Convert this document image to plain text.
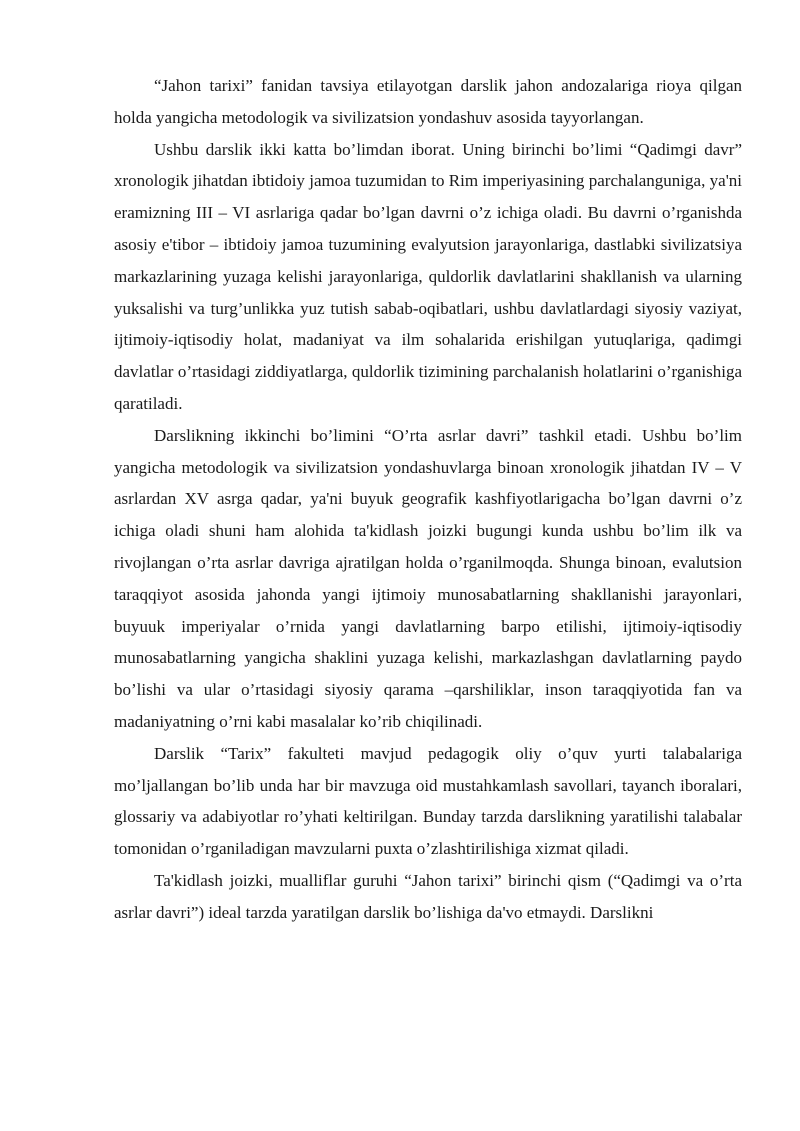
“Jahon tarixi” fanidan tavsiya etilayotgan darslik jahon andozalariga rioya qilgan holda yangicha metodologik va sivilizatsion yondashuv asosida tayyorlangan.

Ushbu darslik ikki katta bo’limdan iborat. Uning birinchi bo’limi “Qadimgi davr” xronologik jihatdan ibtidoiy jamoa tuzumidan to Rim imperiyasining parchalanguniga, ya'ni eramizning III – VI asrlariga qadar bo’lgan davrni o’z ichiga oladi. Bu davrni o’rganishda asosiy e'tibor – ibtidoiy jamoa tuzumining evalyutsion jarayonlariga, dastlabki sivilizatsiya markazlarining yuzaga kelishi jarayonlariga, quldorlik davlatlarini shakllanish va ularning yuksalishi va turg’unlikka yuz tutish sabab-oqibatlari, ushbu davlatlardagi siyosiy vaziyat, ijtimoiy-iqtisodiy holat, madaniyat va ilm sohalarida erishilgan yutuqlariga, qadimgi davlatlar o’rtasidagi ziddiyatlarga, quldorlik tizimining parchalanish holatlarini o’rganishiga qaratiladi.

Darslikning ikkinchi bo’limini “O’rta asrlar davri” tashkil etadi. Ushbu bo’lim yangicha metodologik va sivilizatsion yondashuvlarga binoan xronologik jihatdan IV – V asrlardan XV asrga qadar, ya'ni buyuk geografik kashfiyotlarigacha bo’lgan davrni o’z ichiga oladi shuni ham alohida ta'kidlash joizki bugungi kunda ushbu bo’lim ilk va rivojlangan o’rta asrlar davriga ajratilgan holda o’rganilmoqda. Shunga binoan, evalutsion taraqqiyot asosida jahonda yangi ijtimoiy munosabatlarning shakllanishi jarayonlari, buyuuk imperiyalar o’rnida yangi davlatlarning barpo etilishi, ijtimoiy-iqtisodiy munosabatlarning yangicha shaklini yuzaga kelishi, markazlashgan davlatlarning paydo bo’lishi va ular o’rtasidagi siyosiy qarama –qarshiliklar, inson taraqqiyotida fan va madaniyatning o’rni kabi masalalar ko’rib chiqilinadi.

Darslik “Tarix” fakulteti mavjud pedagogik oliy o’quv yurti talabalariga mo’ljallangan bo’lib unda har bir mavzuga oid mustahkamlash savollari, tayanch iboralari, glossariy va adabiyotlar ro’yhati keltirilgan. Bunday tarzda darslikning yaratilishi talabalar tomonidan o’rganiladigan mavzularni puxta o’zlashtirilishiga xizmat qiladi.

Ta'kidlash joizki, mualliflar guruhi “Jahon tarixi” birinchi qism (“Qadimgi va o’rta asrlar davri”) ideal tarzda yaratilgan darslik bo’lishiga da'vo etmaydi. Darslikni
